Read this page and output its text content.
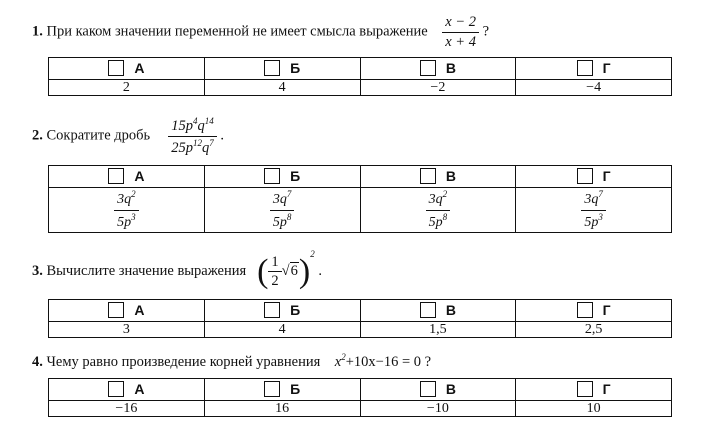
1. При каком значении переменной не имеет смысла выражение $\frac{x - 2}{x + 4}$ ?
А	Б	В	Г
2	4	−2	−4
2. Сократите дробь $\frac{15p^4q^{14}}{25p^{12}q^7}$ .
А	Б	В	Г

$\frac{3q^2}{5p^3}$	$\frac{3q^7}{5p^8}$	$\frac{3q^2}{5p^8}$	$\frac{3q^7}{5p^3}$
3. Вычислите значение выражения ( $\frac{1}{2} √6)^2$ .
А	Б	В	Г
3	4	1,5	2,5
4. Чему равно произведение корней уравнения $x^2+10x-16 = 0$ ?
А	Б	В	Г
−16	16	−10	10
